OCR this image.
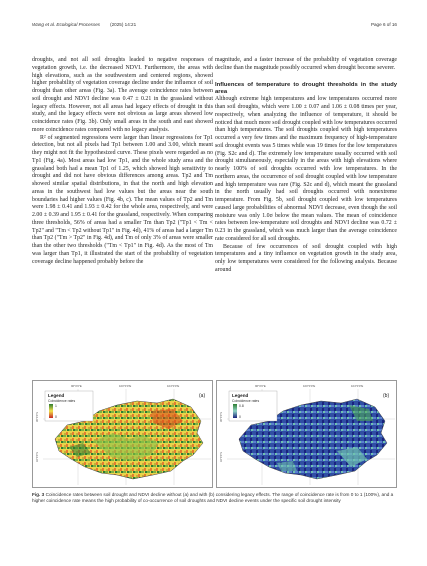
Wang et al. Ecological Processes (2025) 14:21	Page 6 of 16

droughts, and not all soil droughts leaded to negative responses of vegetation growth, i.e. the decreased NDVI. Furthermore, the areas with high elevations, such as the southwestern and centered regions, showed higher probability of vegetation coverage decline under the influence of soil drought than other areas (Fig. 3a). The average coincidence rates between soil drought and NDVI decline was 0.47 ± 0.21 in the grassland without legacy effects. However, not all areas had legacy effects of drought in this study, and the legacy effects were not obvious as large areas showed low coincidence rates (Fig. 3b). Only small areas in the south and east showed more coincidence rates compared with no legacy analysis.

R² of segmented regressions were larger than linear regressions for Tp1 detection, but not all pixels had Tp1 between 1.00 and 3.00, which meant they might not fit the hypothesized curve. These pixels were regarded as no Tp1 (Fig. 4a). Most areas had low Tp1, and the whole study area and the grassland both had a mean Tp1 of 1.25, which showed high sensitivity to drought and did not have obvious differences among areas. Tp2 and Tm showed similar spatial distributions, in that the north and high elevation areas in the southwest had low values but the areas near the south boundaries had higher values (Fig. 4b, c). The mean values of Tp2 and Tm were 1.98 ± 0.41 and 1.93 ± 0.42 for the whole area, respectively, and were 2.00 ± 0.39 and 1.95 ± 0.41 for the grassland, respectively. When comparing three thresholds, 56% of areas had a smaller Tm than Tp2 ("Tp1 < Tm < Tp2" and "Tm < Tp2 without Tp1" in Fig. 4d), 41% of areas had a larger Tm than Tp2 ("Tm > Tp2" in Fig. 4d), and Tm of only 3% of areas were smaller than the other two thresholds ("Tm < Tp1" in Fig. 4d). As the most of Tm was larger than Tp1, it illustrated the start of the probability of vegetation coverage decline happened probably before the

magnitude, and a faster increase of the probability of vegetation coverage decline than the magnitude possibly occurred when drought become severer.

Influences of temperature to drought thresholds in the study area

Although extreme high temperatures and low temperatures occurred more than soil droughts, which were 1.00 ± 0.07 and 1.06 ± 0.08 times per year, respectively, when analyzing the influence of temperature, it should be noticed that much more soil drought coupled with low temperatures occurred than high temperatures. The soil droughts coupled with high temperatures occurred a very few times and the maximum frequency of high-temperature soil drought events was 5 times while was 19 times for the low temperatures (Fig. S2c and d). The extremely low temperature usually occurred with soil drought simultaneously, especially in the areas with high elevations where nearly 100% of soil droughts occurred with low temperatures. In the northern areas, the occurrence of soil drought coupled with low temperature and high temperature was rare (Fig. S2c and d), which meant the grassland in the north usually had soil droughts occurred with nonextreme temperature. From Fig. 5b, soil drought coupled with low temperatures caused large probabilities of abnormal NDVI decrease, even though the soil moisture was only 1.0σ below the mean values. The mean of coincidence rates between low-temperature soil droughts and NDVI decline was 0.72 ± 0.23 in the grassland, which was much larger than the average coincidence rate considered for all soil droughts.

Because of few occurrences of soil drought coupled with high temperatures and a tiny influence on vegetation growth in the study area, only low temperatures were considered for the following analysis. Because around

Legend
Coincidence rates
1
0
96°0'0"E	100°0'0"E	104°0'0"E
36°0'0"N
32°0'0"N
(a)	Legend
Coincidence rates
0.8
0
96°0'0"E	100°0'0"E	104°0'0"E
36°0'0"N
32°0'0"N
(b)
Fig. 3 Coincidence rates between soil drought and NDVI decline without (a) and with (b) considering legacy effects. The range of coincidence rate is from 0 to 1 (100%), and a higher coincidence rate means the high probability of co-occurrence of soil droughts and NDVI decline events under the specific soil drought intensity
